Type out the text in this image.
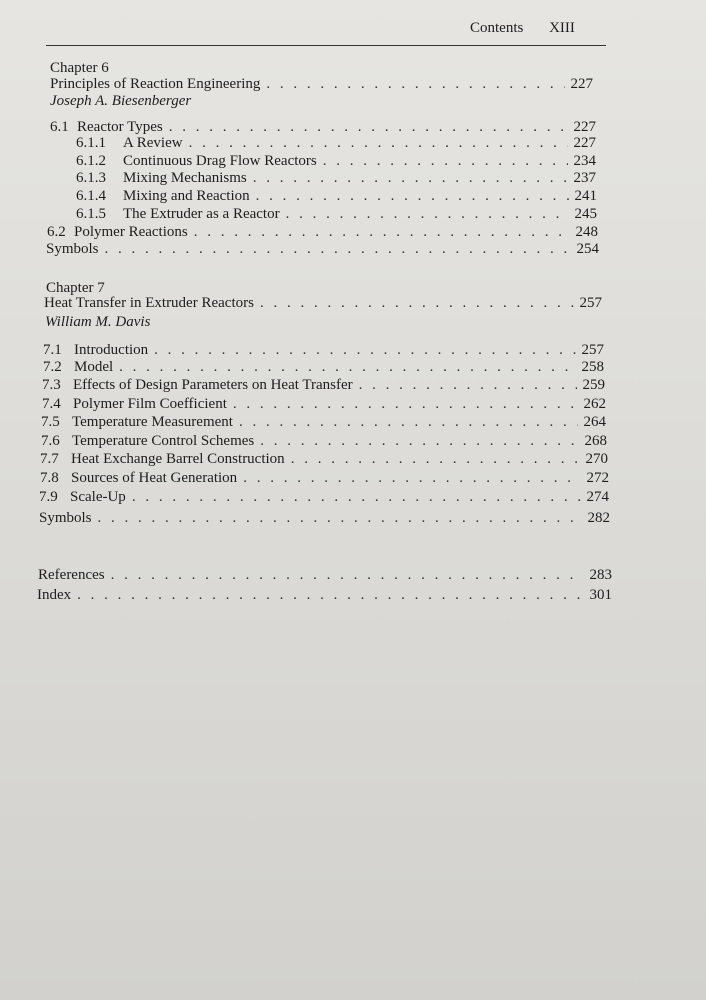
Contents XIII
Chapter 6
Principles of Reaction Engineering . . .	227
Joseph A. Biesenberger
6.1 Reactor Types . . .	227
6.1.1	A Review . . .	227
6.1.2	Continuous Drag Flow Reactors . . .	234
6.1.3	Mixing Mechanisms . . .	237
6.1.4	Mixing and Reaction . . .	241
6.1.5	The Extruder as a Reactor . . .	245
6.2 Polymer Reactions . . .	248
Symbols . . .	254
Chapter 7
Heat Transfer in Extruder Reactors . . .	257
William M. Davis
7.1 Introduction . . .	257
7.2 Model . . .	258
7.3 Effects of Design Parameters on Heat Transfer . . .	259
7.4 Polymer Film Coefficient . . .	262
7.5 Temperature Measurement . . .	264
7.6 Temperature Control Schemes . . .	268
7.7 Heat Exchange Barrel Construction . . .	270
7.8 Sources of Heat Generation . . .	272
7.9 Scale-Up . . .	274
Symbols . . .	282
References . . .	283
Index . . .	301
